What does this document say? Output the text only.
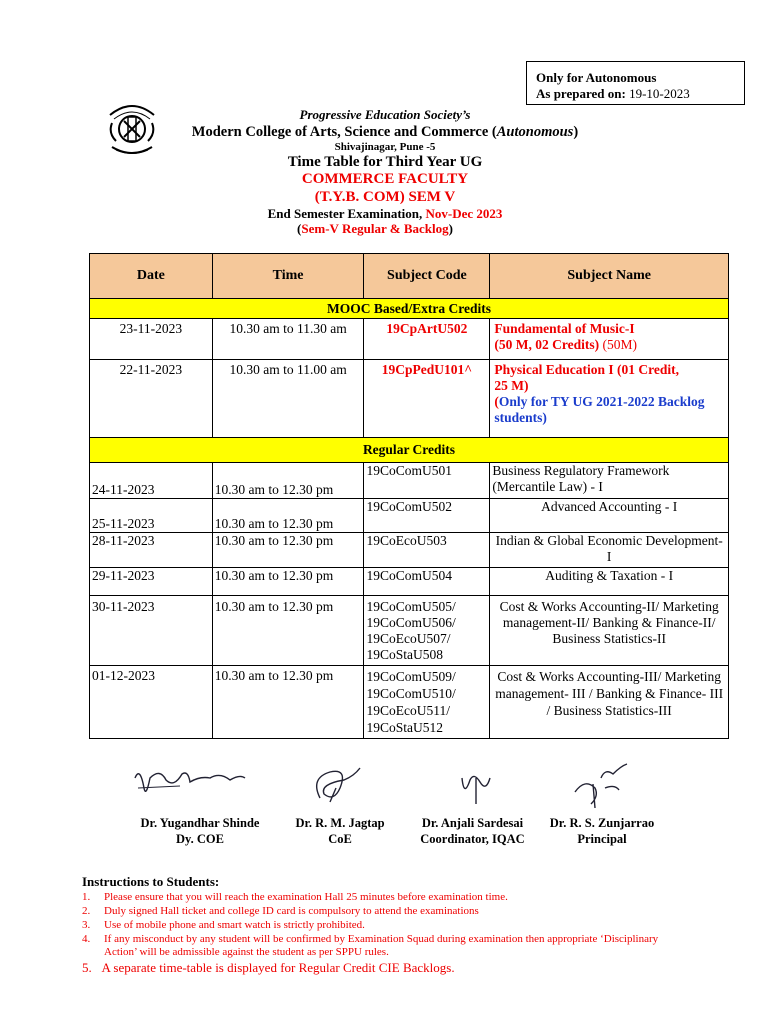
Only for Autonomous
As prepared on: 19-10-2023
Progressive Education Society’s
Modern College of Arts, Science and Commerce (Autonomous)
Shivajinagar, Pune -5
Time Table for Third Year UG
COMMERCE FACULTY
(T.Y.B. COM) SEM V
End Semester Examination, Nov-Dec 2023
(Sem-V Regular & Backlog)
Date	Time	Subject Code	Subject Name
MOOC Based/Extra Credits			
23-11-2023	10.30 am to 11.30 am	19CpArtU502	Fundamental of Music-I
(50 M, 02 Credits) (50M)

22-11-2023	10.30 am to 11.00 am	19CpPedU101^	Physical Education I (01 Credit,
25 M)
(Only for TY UG 2021-2022 Backlog students)

Regular Credits			
24-11-2023	10.30 am to 12.30 pm	19CoComU501	Business Regulatory Framework (Mercantile Law) - I
25-11-2023	10.30 am to 12.30 pm	19CoComU502	Advanced Accounting - I
28-11-2023	10.30 am to 12.30 pm	19CoEcoU503	Indian & Global Economic Development- I
29-11-2023	10.30 am to 12.30 pm	19CoComU504	Auditing & Taxation - I
30-11-2023	10.30 am to 12.30 pm	19CoComU505/ 19CoComU506/ 19CoEcoU507/ 19CoStaU508	Cost & Works Accounting-II/ Marketing management-II/ Banking & Finance-II/ Business Statistics-II
01-12-2023	10.30 am to 12.30 pm	19CoComU509/ 19CoComU510/ 19CoEcoU511/ 19CoStaU512	Cost & Works Accounting-III/ Marketing management- III / Banking & Finance- III / Business Statistics-III
Dr. Yugandhar Shinde
Dy. COE
Dr. R. M. Jagtap
CoE
Dr. Anjali Sardesai
Coordinator, IQAC
Dr. R. S. Zunjarrao
Principal
Instructions to Students:
1. Please ensure that you will reach the examination Hall 25 minutes before examination time.
2. Duly signed Hall ticket and college ID card is compulsory to attend the examinations
3. Use of mobile phone and smart watch is strictly prohibited.
4. If any misconduct by any student will be confirmed by Examination Squad during examination then appropriate ‘Disciplinary
Action’ will be admissible against the student as per SPPU rules.
5. A separate time-table is displayed for Regular Credit CIE Backlogs.
